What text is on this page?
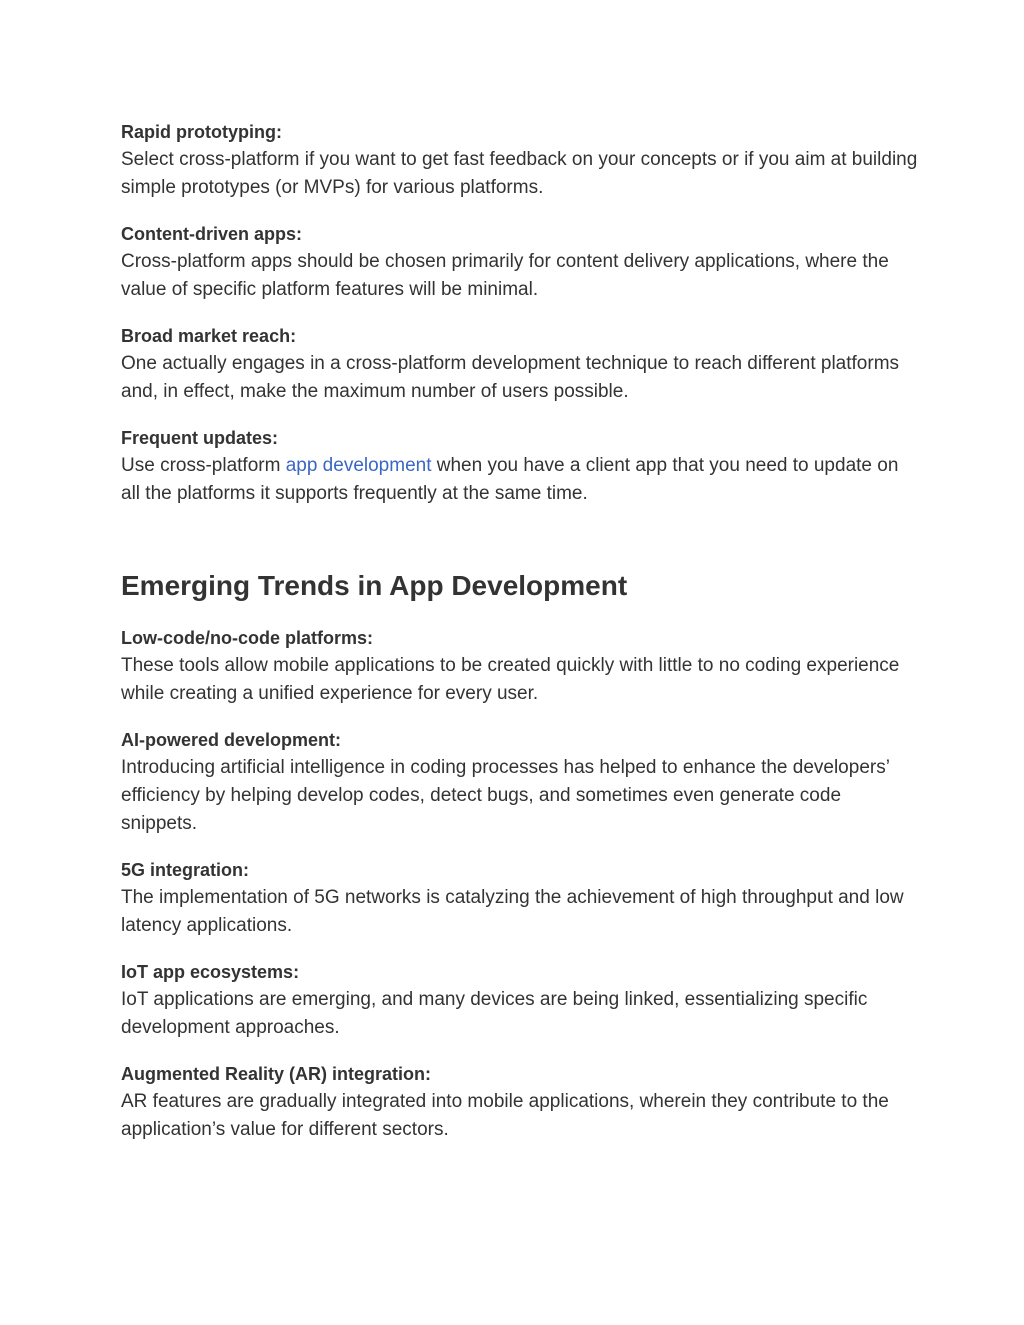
Rapid prototyping:
Select cross-platform if you want to get fast feedback on your concepts or if you aim at building simple prototypes (or MVPs) for various platforms.
Content-driven apps:
Cross-platform apps should be chosen primarily for content delivery applications, where the value of specific platform features will be minimal.
Broad market reach:
One actually engages in a cross-platform development technique to reach different platforms and, in effect, make the maximum number of users possible.
Frequent updates:
Use cross-platform app development when you have a client app that you need to update on all the platforms it supports frequently at the same time.
Emerging Trends in App Development
Low-code/no-code platforms:
These tools allow mobile applications to be created quickly with little to no coding experience while creating a unified experience for every user.
AI-powered development:
Introducing artificial intelligence in coding processes has helped to enhance the developers’ efficiency by helping develop codes, detect bugs, and sometimes even generate code snippets.
5G integration:
The implementation of 5G networks is catalyzing the achievement of high throughput and low latency applications.
IoT app ecosystems:
IoT applications are emerging, and many devices are being linked, essentializing specific development approaches.
Augmented Reality (AR) integration:
AR features are gradually integrated into mobile applications, wherein they contribute to the application’s value for different sectors.
